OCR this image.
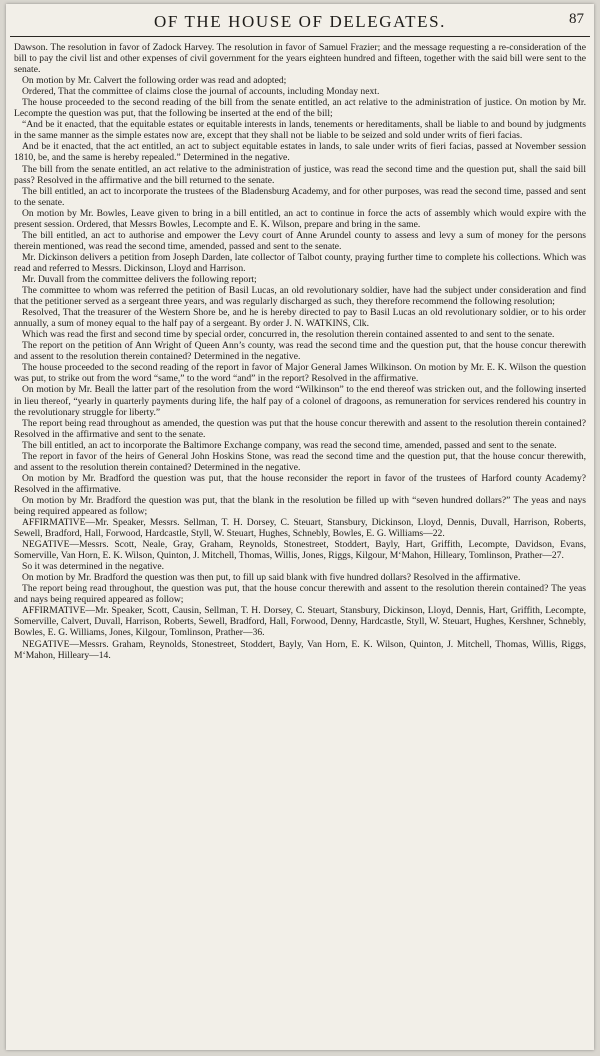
OF THE HOUSE OF DELEGATES.	87

Dawson. The resolution in favor of Zadock Harvey. The resolution in favor of Samuel Frazier; and the message requesting a re-consideration of the bill to pay the civil list and other expenses of civil government for the years eighteen hundred and fifteen, together with the said bill were sent to the senate.

On motion by Mr. Calvert the following order was read and adopted;

Ordered, That the committee of claims close the journal of accounts, including Monday next.

The house proceeded to the second reading of the bill from the senate entitled, an act relative to the administration of justice. On motion by Mr. Lecompte the question was put, that the following be inserted at the end of the bill;

“And be it enacted, that the equitable estates or equitable interests in lands, tenements or hereditaments, shall be liable to and bound by judgments in the same manner as the simple estates now are, except that they shall not be liable to be seized and sold under writs of fieri facias.

And be it enacted, that the act entitled, an act to subject equitable estates in lands, to sale under writs of fieri facias, passed at November session 1810, be, and the same is hereby repealed.” Determined in the negative.

The bill from the senate entitled, an act relative to the administration of justice, was read the second time and the question put, shall the said bill pass? Resolved in the affirmative and the bill returned to the senate.

The bill entitled, an act to incorporate the trustees of the Bladensburg Academy, and for other purposes, was read the second time, passed and sent to the senate.

On motion by Mr. Bowles, Leave given to bring in a bill entitled, an act to continue in force the acts of assembly which would expire with the present session. Ordered, that Messrs Bowles, Lecompte and E. K. Wilson, prepare and bring in the same.

The bill entitled, an act to authorise and empower the Levy court of Anne Arundel county to assess and levy a sum of money for the persons therein mentioned, was read the second time, amended, passed and sent to the senate.

Mr. Dickinson delivers a petition from Joseph Darden, late collector of Talbot county, praying further time to complete his collections. Which was read and referred to Messrs. Dickinson, Lloyd and Harrison.

Mr. Duvall from the committee delivers the following report;

The committee to whom was referred the petition of Basil Lucas, an old revolutionary soldier, have had the subject under consideration and find that the petitioner served as a sergeant three years, and was regularly discharged as such, they therefore recommend the following resolution;

Resolved, That the treasurer of the Western Shore be, and he is hereby directed to pay to Basil Lucas an old revolutionary soldier, or to his order annually, a sum of money equal to the half pay of a sergeant. By order J. N. WATKINS, Clk.

Which was read the first and second time by special order, concurred in, the resolution therein contained assented to and sent to the senate.

The report on the petition of Ann Wright of Queen Ann’s county, was read the second time and the question put, that the house concur therewith and assent to the resolution therein contained? Determined in the negative.

The house proceeded to the second reading of the report in favor of Major General James Wilkinson. On motion by Mr. E. K. Wilson the question was put, to strike out from the word “same,” to the word “and” in the report? Resolved in the affirmative.

On motion by Mr. Beall the latter part of the resolution from the word “Wilkinson” to the end thereof was stricken out, and the following inserted in lieu thereof, “yearly in quarterly payments during life, the half pay of a colonel of dragoons, as remuneration for services rendered his country in the revolutionary struggle for liberty.”

The report being read throughout as amended, the question was put that the house concur therewith and assent to the resolution therein contained? Resolved in the affirmative and sent to the senate.

The bill entitled, an act to incorporate the Baltimore Exchange company, was read the second time, amended, passed and sent to the senate.

The report in favor of the heirs of General John Hoskins Stone, was read the second time and the question put, that the house concur therewith, and assent to the resolution therein contained? Determined in the negative.

On motion by Mr. Bradford the question was put, that the house reconsider the report in favor of the trustees of Harford county Academy? Resolved in the affirmative.

On motion by Mr. Bradford the question was put, that the blank in the resolution be filled up with “seven hundred dollars?” The yeas and nays being required appeared as follow;

AFFIRMATIVE—Mr. Speaker, Messrs. Sellman, T. H. Dorsey, C. Steuart, Stansbury, Dickinson, Lloyd, Dennis, Duvall, Harrison, Roberts, Sewell, Bradford, Hall, Forwood, Hardcastle, Styll, W. Steuart, Hughes, Schnebly, Bowles, E. G. Williams—22.

NEGATIVE—Messrs. Scott, Neale, Gray, Graham, Reynolds, Stonestreet, Stoddert, Bayly, Hart, Griffith, Lecompte, Davidson, Evans, Somerville, Van Horn, E. K. Wilson, Quinton, J. Mitchell, Thomas, Willis, Jones, Riggs, Kilgour, M‘Mahon, Hilleary, Tomlinson, Prather—27.

So it was determined in the negative.

On motion by Mr. Bradford the question was then put, to fill up said blank with five hundred dollars? Resolved in the affirmative.

The report being read throughout, the question was put, that the house concur therewith and assent to the resolution therein contained? The yeas and nays being required appeared as follow;

AFFIRMATIVE—Mr. Speaker, Scott, Causin, Sellman, T. H. Dorsey, C. Steuart, Stansbury, Dickinson, Lloyd, Dennis, Hart, Griffith, Lecompte, Somerville, Calvert, Duvall, Harrison, Roberts, Sewell, Bradford, Hall, Forwood, Denny, Hardcastle, Styll, W. Steuart, Hughes, Kershner, Schnebly, Bowles, E. G. Williams, Jones, Kilgour, Tomlinson, Prather—36.

NEGATIVE—Messrs. Graham, Reynolds, Stonestreet, Stoddert, Bayly, Van Horn, E. K. Wilson, Quinton, J. Mitchell, Thomas, Willis, Riggs, M‘Mahon, Hilleary—14.
